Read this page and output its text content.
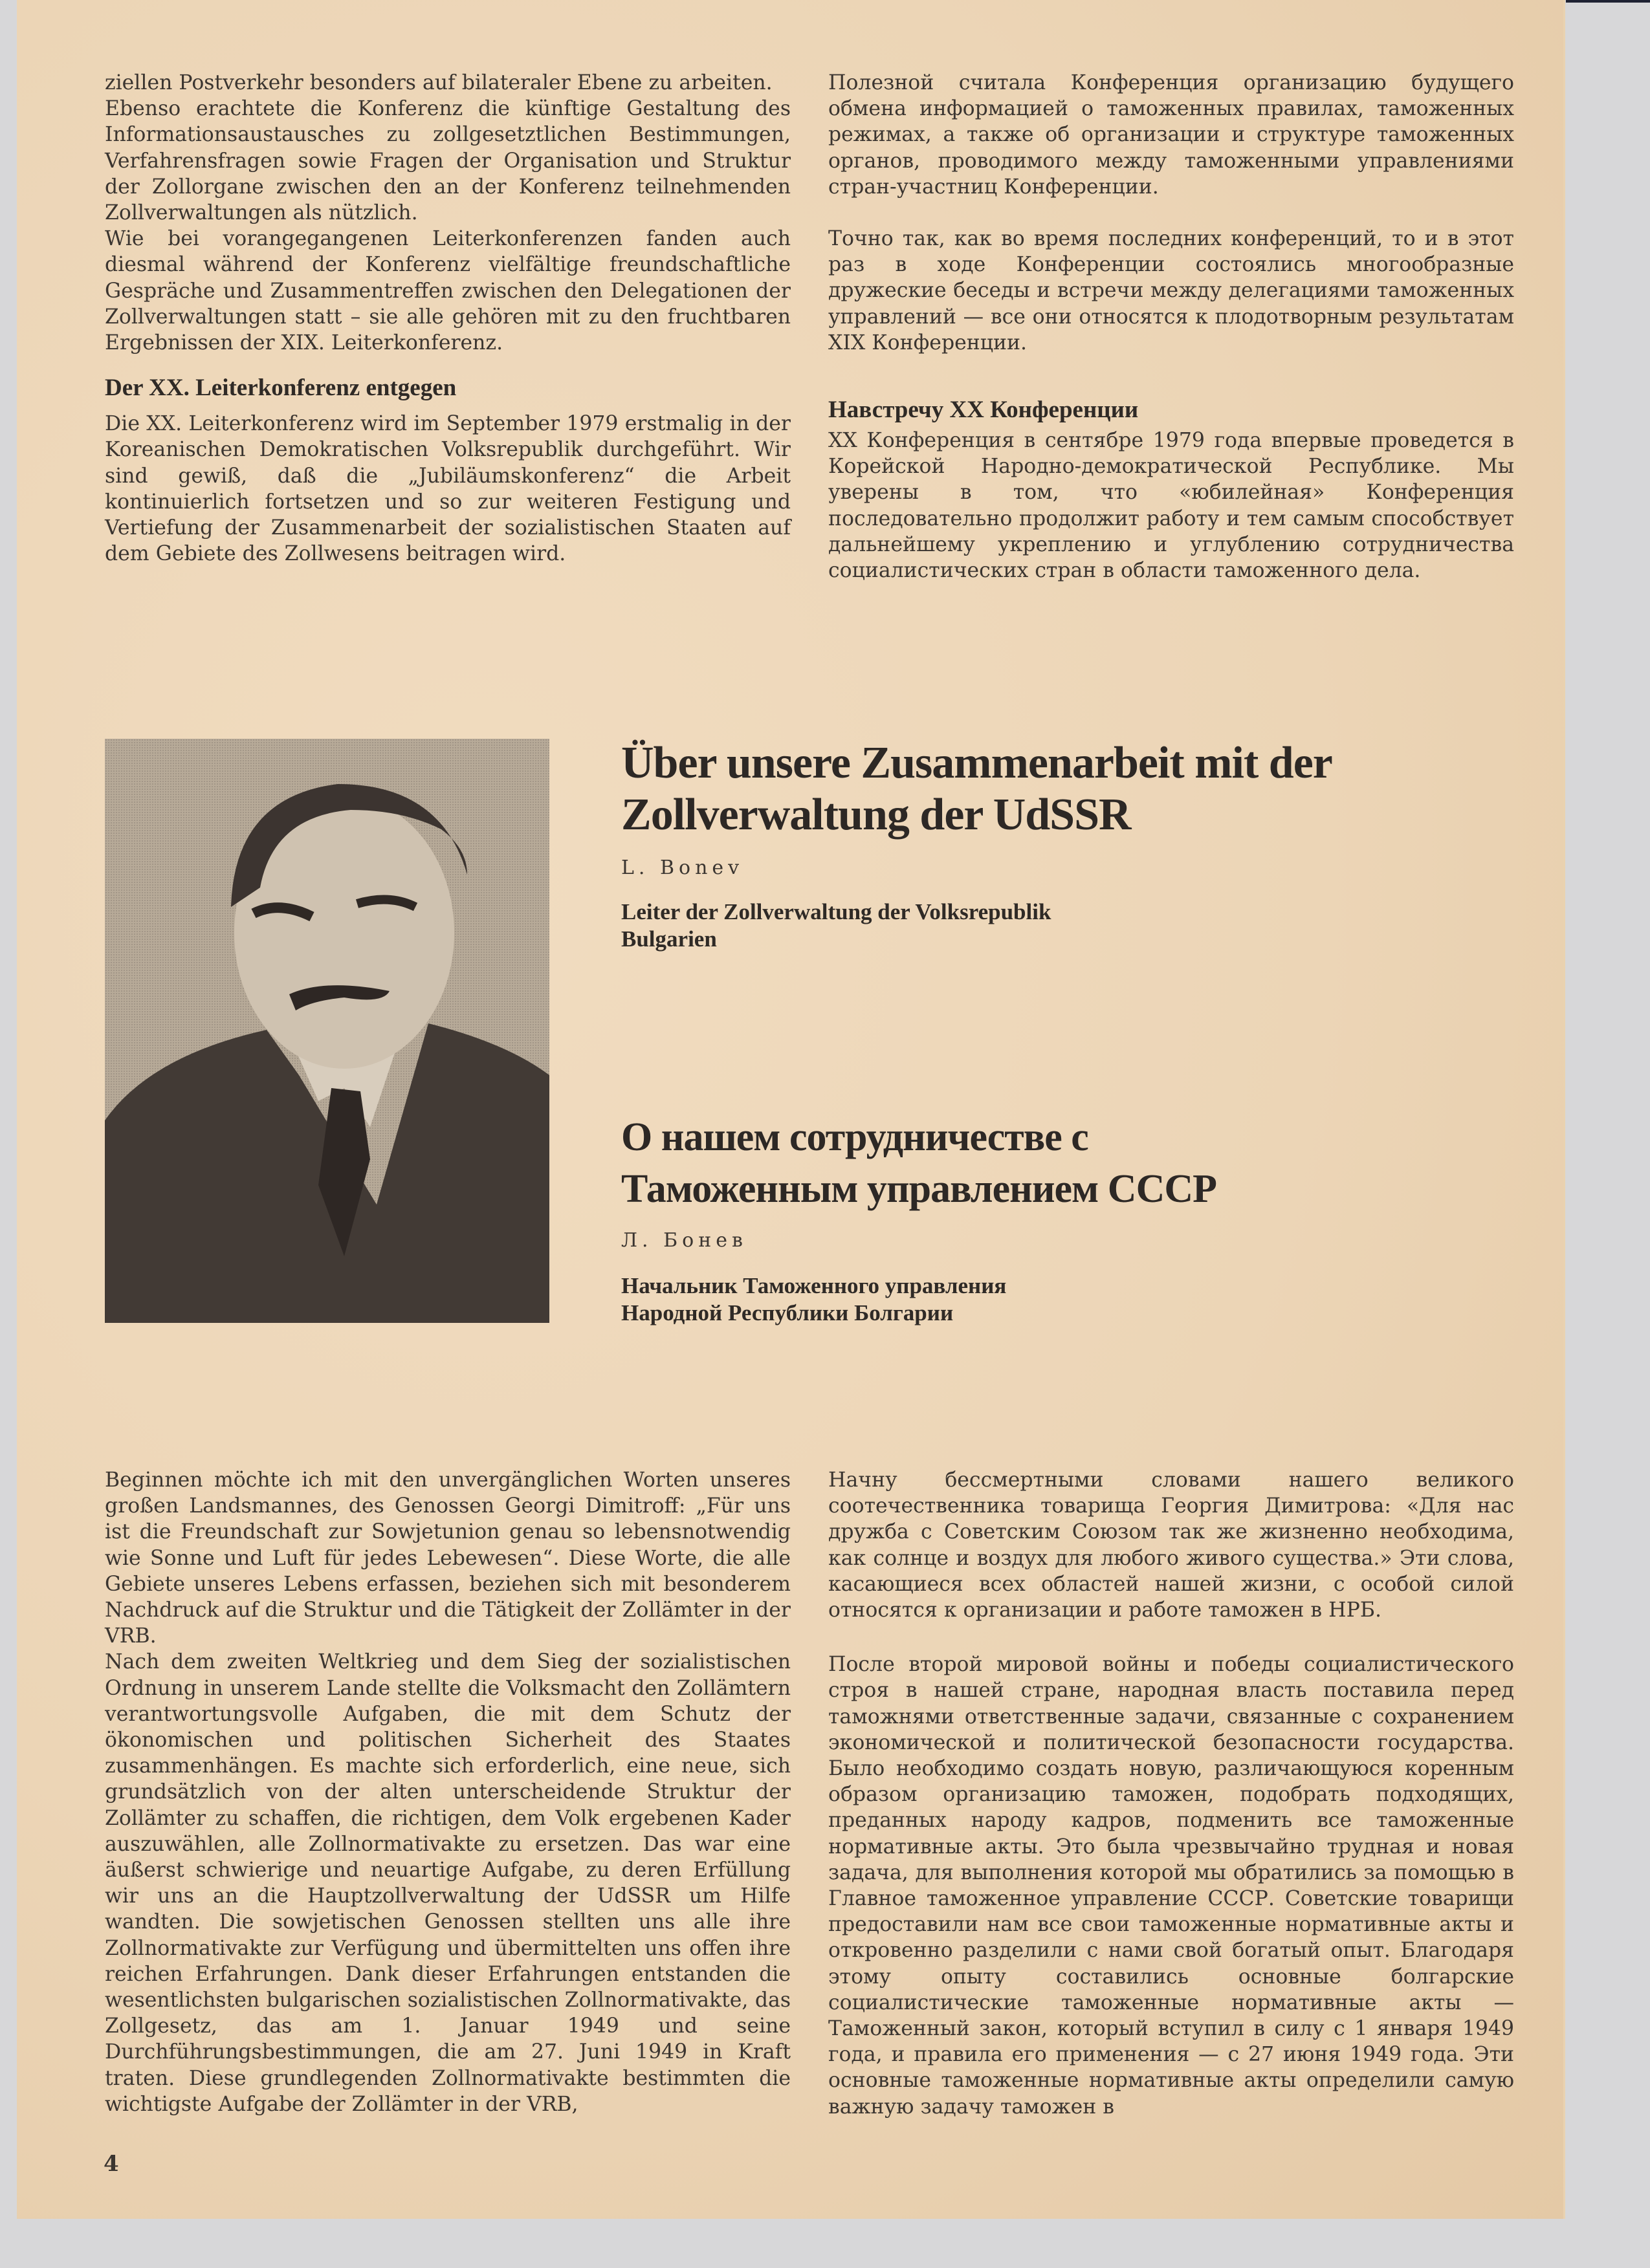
ziellen Postverkehr besonders auf bilateraler Ebene zu arbeiten.

Ebenso erachtete die Konferenz die künftige Gestaltung des Informationsaustausches zu zollgesetztlichen Bestimmungen, Verfahrensfragen sowie Fragen der Organisation und Struktur der Zollorgane zwischen den an der Konferenz teilnehmenden Zollverwaltungen als nützlich.

Wie bei vorangegangenen Leiterkonferenzen fanden auch diesmal während der Konferenz vielfältige freundschaftliche Gespräche und Zusammentreffen zwischen den Delegationen der Zollverwaltungen statt – sie alle gehören mit zu den fruchtbaren Ergebnissen der XIX. Leiterkonferenz.

Der XX. Leiterkonferenz entgegen

Die XX. Leiterkonferenz wird im September 1979 erstmalig in der Koreanischen Demokratischen Volksrepublik durchgeführt. Wir sind gewiß, daß die „Jubiläumskonferenz“ die Arbeit kontinuierlich fortsetzen und so zur weiteren Festigung und Vertiefung der Zusammenarbeit der sozialistischen Staaten auf dem Gebiete des Zollwesens beitragen wird.

Полезной считала Конференция организацию будущего обмена информацией о таможенных правилах, таможенных режимах, а также об организации и структуре таможенных органов, проводимого между таможенными управлениями стран-участниц Конференции.

Точно так, как во время последних конференций, то и в этот раз в ходе Конференции состоялись многообразные дружеские беседы и встречи между делегациями таможенных управлений — все они относятся к плодотворным результатам XIX Конференции.

Навстречу XX Конференции

XX Конференция в сентябре 1979 года впервые проведется в Корейской Народно-демократической Республике. Мы уверены в том, что «юбилейная» Конференция последовательно продолжит работу и тем самым способствует дальнейшему укреплению и углублению сотрудничества социалистических стран в области таможенного дела.

Über unsere Zusammenarbeit mit der
Zollverwaltung der UdSSR
L. Bonev
Leiter der Zollverwaltung der Volksrepublik
Bulgarien
О нашем сотрудничестве с
Таможенным управлением СССР
Л. Бонев
Начальник Таможенного управления
Народной Республики Болгарии

Beginnen möchte ich mit den unvergänglichen Worten unseres großen Landsmannes, des Genossen Georgi Dimitroff: „Für uns ist die Freundschaft zur Sowjetunion genau so lebensnotwendig wie Sonne und Luft für jedes Lebewesen“. Diese Worte, die alle Gebiete unseres Lebens erfassen, beziehen sich mit besonderem Nachdruck auf die Struktur und die Tätigkeit der Zollämter in der VRB.

Nach dem zweiten Weltkrieg und dem Sieg der sozialistischen Ordnung in unserem Lande stellte die Volksmacht den Zollämtern verantwortungsvolle Aufgaben, die mit dem Schutz der ökonomischen und politischen Sicherheit des Staates zusammenhängen. Es machte sich erforderlich, eine neue, sich grundsätzlich von der alten unterscheidende Struktur der Zollämter zu schaffen, die richtigen, dem Volk ergebenen Kader auszuwählen, alle Zollnormativakte zu ersetzen. Das war eine äußerst schwierige und neuartige Aufgabe, zu deren Erfüllung wir uns an die Hauptzollverwaltung der UdSSR um Hilfe wandten. Die sowjetischen Genossen stellten uns alle ihre Zollnormativakte zur Verfügung und übermittelten uns offen ihre reichen Erfahrungen. Dank dieser Erfahrungen entstanden die wesentlichsten bulgarischen sozialistischen Zollnormativakte, das Zollgesetz, das am 1. Januar 1949 und seine Durchführungsbestimmungen, die am 27. Juni 1949 in Kraft traten. Diese grundlegenden Zollnormativakte bestimmten die wichtigste Aufgabe der Zollämter in der VRB,

Начну бессмертными словами нашего великого соотечественника товарища Георгия Димитрова: «Для нас дружба с Советским Союзом так же жизненно необходима, как солнце и воздух для любого живого существа.» Эти слова, касающиеся всех областей нашей жизни, с особой силой относятся к организации и работе таможен в НРБ.

После второй мировой войны и победы социалистического строя в нашей стране, народная власть поставила перед таможнями ответственные задачи, связанные с сохранением экономической и политической безопасности государства. Было необходимо создать новую, различающуюся коренным образом организацию таможен, подобрать подходящих, преданных народу кадров, подменить все таможенные нормативные акты. Это была чрезвычайно трудная и новая задача, для выполнения которой мы обратились за помощью в Главное таможенное управление СССР. Советские товарищи предоставили нам все свои таможенные нормативные акты и откровенно разделили с нами свой богатый опыт. Благодаря этому опыту составились основные болгарские социалистические таможенные нормативные акты — Таможенный закон, который вступил в силу с 1 января 1949 года, и правила его применения — с 27 июня 1949 года. Эти основные таможенные нормативные акты определили самую важную задачу таможен в

4
